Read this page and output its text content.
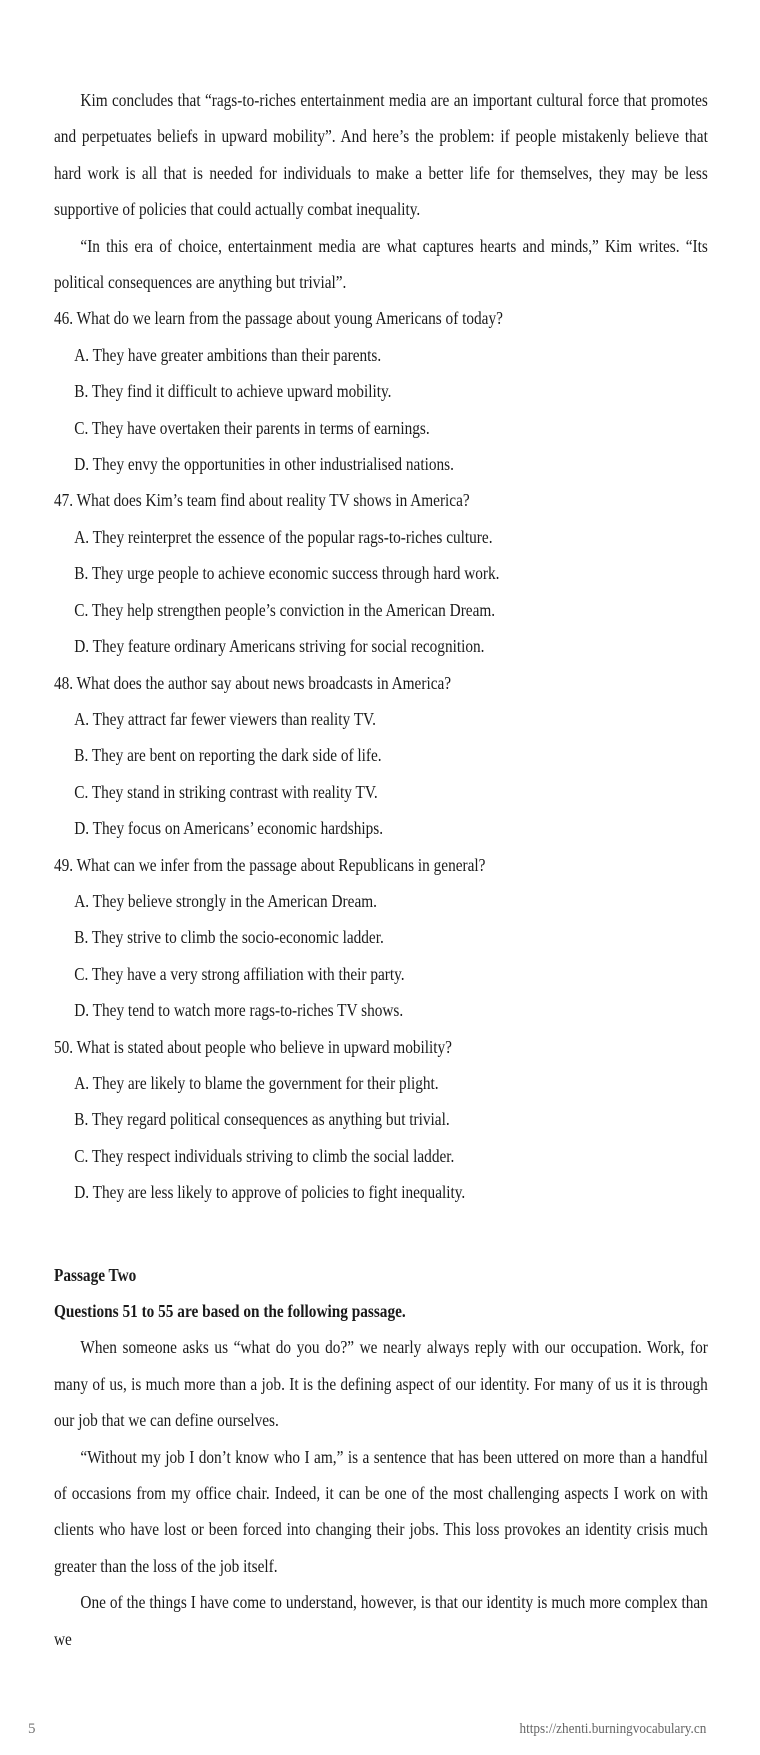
Kim concludes that “rags-to-riches entertainment media are an important cultural force that promotes and perpetuates beliefs in upward mobility”. And here’s the problem: if people mistakenly believe that hard work is all that is needed for individuals to make a better life for themselves, they may be less supportive of policies that could actually combat inequality.

“In this era of choice, entertainment media are what captures hearts and minds,” Kim writes. “Its political consequences are anything but trivial”.

46. What do we learn from the passage about young Americans of today?

A. They have greater ambitions than their parents.

B. They find it difficult to achieve upward mobility.

C. They have overtaken their parents in terms of earnings.

D. They envy the opportunities in other industrialised nations.

47. What does Kim’s team find about reality TV shows in America?

A. They reinterpret the essence of the popular rags-to-riches culture.

B. They urge people to achieve economic success through hard work.

C. They help strengthen people’s conviction in the American Dream.

D. They feature ordinary Americans striving for social recognition.

48. What does the author say about news broadcasts in America?

A. They attract far fewer viewers than reality TV.

B. They are bent on reporting the dark side of life.

C. They stand in striking contrast with reality TV.

D. They focus on Americans’ economic hardships.

49. What can we infer from the passage about Republicans in general?

A. They believe strongly in the American Dream.

B. They strive to climb the socio-economic ladder.

C. They have a very strong affiliation with their party.

D. They tend to watch more rags-to-riches TV shows.

50. What is stated about people who believe in upward mobility?

A. They are likely to blame the government for their plight.

B. They regard political consequences as anything but trivial.

C. They respect individuals striving to climb the social ladder.

D. They are less likely to approve of policies to fight inequality.

Passage Two

Questions 51 to 55 are based on the following passage.

When someone asks us “what do you do?” we nearly always reply with our occupation. Work, for many of us, is much more than a job. It is the defining aspect of our identity. For many of us it is through our job that we can define ourselves.

“Without my job I don’t know who I am,” is a sentence that has been uttered on more than a handful of occasions from my office chair. Indeed, it can be one of the most challenging aspects I work on with clients who have lost or been forced into changing their jobs. This loss provokes an identity crisis much greater than the loss of the job itself.

One of the things I have come to understand, however, is that our identity is much more complex than we

5	https://zhenti.burningvocabulary.cn
